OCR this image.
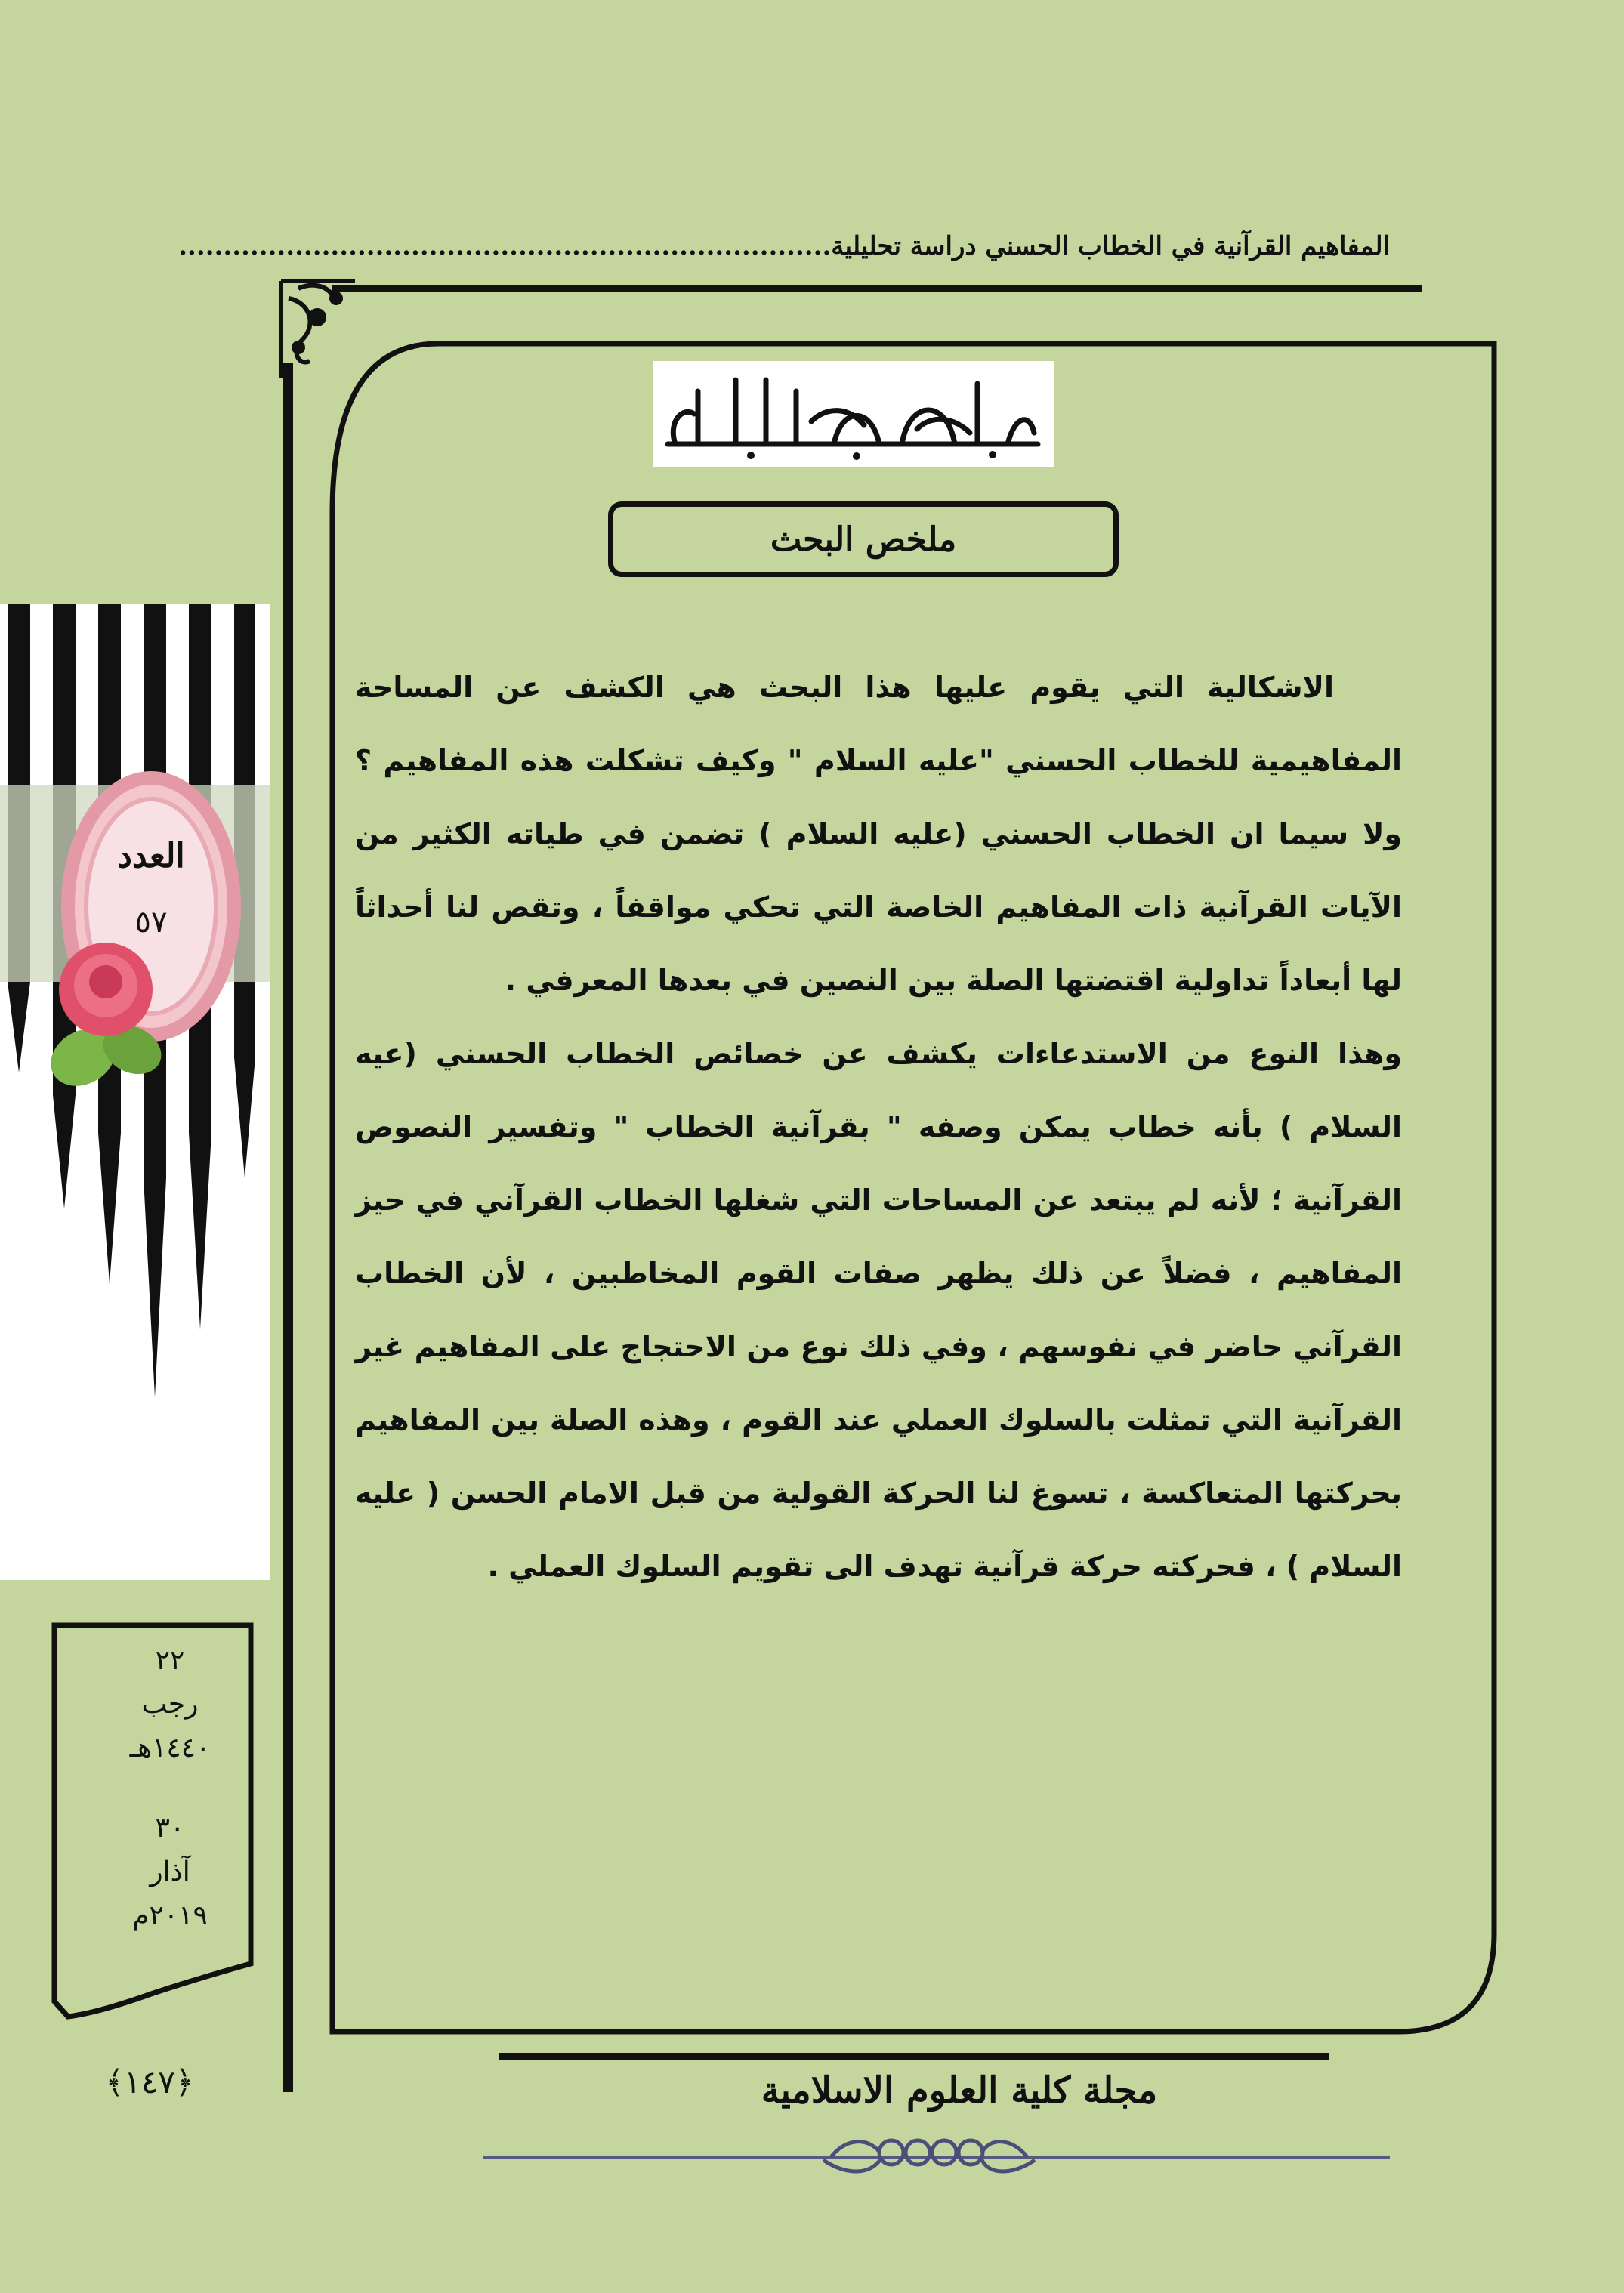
المفاهيم القرآنية في الخطاب الحسني دراسة تحليلية.........................................................................
العدد
٥٧
٢٢
رجب
١٤٤٠هـ
٣٠
آذار
٢٠١٩م
ملخص البحث

الاشكالية التي يقوم عليها هذا البحث هي الكشف عن المساحة المفاهيمية للخطاب الحسني "عليه السلام " وكيف تشكلت هذه المفاهيم ؟ ولا سيما ان الخطاب الحسني (عليه السلام ) تضمن في طياته الكثير من الآيات القرآنية ذات المفاهيم الخاصة التي تحكي مواقفاً ، وتقص لنا أحداثاً لها أبعاداً تداولية اقتضتها الصلة بين النصين في بعدها المعرفي .

وهذا النوع من الاستدعاءات يكشف عن خصائص الخطاب الحسني (عيه السلام ) بأنه خطاب يمكن وصفه " بقرآنية الخطاب " وتفسير النصوص القرآنية ؛ لأنه لم يبتعد عن المساحات التي شغلها الخطاب القرآني في حيز المفاهيم ، فضلاً عن ذلك يظهر صفات القوم المخاطبين ، لأن الخطاب القرآني حاضر في نفوسهم ، وفي ذلك نوع من الاحتجاج على المفاهيم غير القرآنية التي تمثلت بالسلوك العملي عند القوم ، وهذه الصلة بين المفاهيم بحركتها المتعاكسة ، تسوغ لنا الحركة القولية من قبل الامام الحسن ( عليه السلام ) ، فحركته حركة قرآنية تهدف الى تقويم السلوك العملي .

مجلة كلية العلوم الاسلامية
﴿١٤٧﴾
